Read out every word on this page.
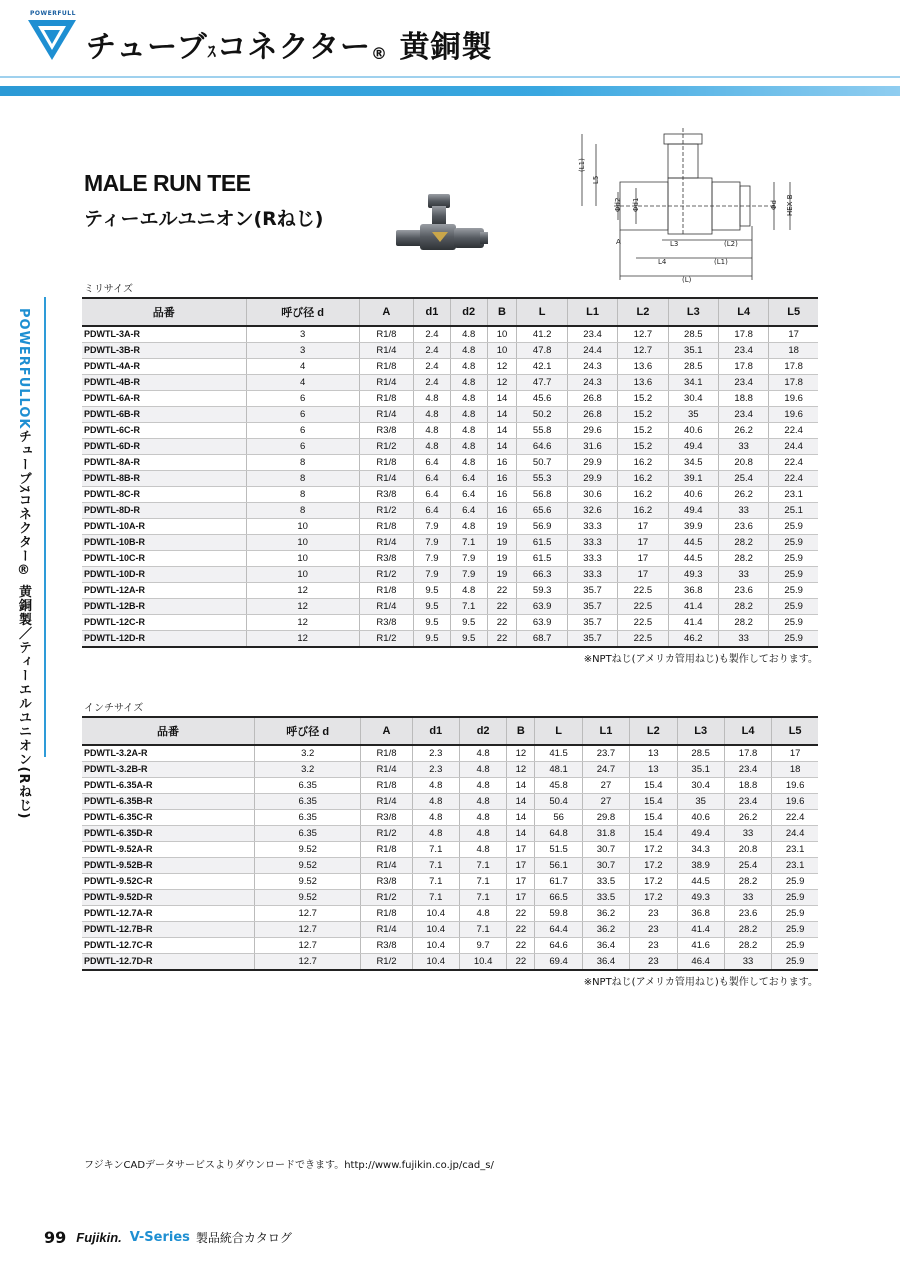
POWERFULL
チューブｽコネクター® 黄銅製
POWERFULLOKチューブｽコネクター® 黄銅製／ティーエルユニオン(Rねじ)
MALE RUN TEE
ティーエルユニオン(Rねじ)
(L1)
L5
Φd2 Φd1	Φd HEX B
A	L3	(L2)
L4	(L1)
(L)
ミリサイズ
品番	呼び径 d	A	d1	d2	B	L	L1	L2	L3	L4	L5
PDWTL-3A-R	3	R1/8	2.4	4.8	10	41.2	23.4	12.7	28.5	17.8	17
PDWTL-3B-R	3	R1/4	2.4	4.8	10	47.8	24.4	12.7	35.1	23.4	18
PDWTL-4A-R	4	R1/8	2.4	4.8	12	42.1	24.3	13.6	28.5	17.8	17.8
PDWTL-4B-R	4	R1/4	2.4	4.8	12	47.7	24.3	13.6	34.1	23.4	17.8
PDWTL-6A-R	6	R1/8	4.8	4.8	14	45.6	26.8	15.2	30.4	18.8	19.6
PDWTL-6B-R	6	R1/4	4.8	4.8	14	50.2	26.8	15.2	35	23.4	19.6
PDWTL-6C-R	6	R3/8	4.8	4.8	14	55.8	29.6	15.2	40.6	26.2	22.4
PDWTL-6D-R	6	R1/2	4.8	4.8	14	64.6	31.6	15.2	49.4	33	24.4
PDWTL-8A-R	8	R1/8	6.4	4.8	16	50.7	29.9	16.2	34.5	20.8	22.4
PDWTL-8B-R	8	R1/4	6.4	6.4	16	55.3	29.9	16.2	39.1	25.4	22.4
PDWTL-8C-R	8	R3/8	6.4	6.4	16	56.8	30.6	16.2	40.6	26.2	23.1
PDWTL-8D-R	8	R1/2	6.4	6.4	16	65.6	32.6	16.2	49.4	33	25.1
PDWTL-10A-R	10	R1/8	7.9	4.8	19	56.9	33.3	17	39.9	23.6	25.9
PDWTL-10B-R	10	R1/4	7.9	7.1	19	61.5	33.3	17	44.5	28.2	25.9
PDWTL-10C-R	10	R3/8	7.9	7.9	19	61.5	33.3	17	44.5	28.2	25.9
PDWTL-10D-R	10	R1/2	7.9	7.9	19	66.3	33.3	17	49.3	33	25.9
PDWTL-12A-R	12	R1/8	9.5	4.8	22	59.3	35.7	22.5	36.8	23.6	25.9
PDWTL-12B-R	12	R1/4	9.5	7.1	22	63.9	35.7	22.5	41.4	28.2	25.9
PDWTL-12C-R	12	R3/8	9.5	9.5	22	63.9	35.7	22.5	41.4	28.2	25.9
PDWTL-12D-R	12	R1/2	9.5	9.5	22	68.7	35.7	22.5	46.2	33	25.9
※NPTねじ(アメリカ管用ねじ)も製作しております。
インチサイズ
品番	呼び径 d	A	d1	d2	B	L	L1	L2	L3	L4	L5
PDWTL-3.2A-R	3.2	R1/8	2.3	4.8	12	41.5	23.7	13	28.5	17.8	17
PDWTL-3.2B-R	3.2	R1/4	2.3	4.8	12	48.1	24.7	13	35.1	23.4	18
PDWTL-6.35A-R	6.35	R1/8	4.8	4.8	14	45.8	27	15.4	30.4	18.8	19.6
PDWTL-6.35B-R	6.35	R1/4	4.8	4.8	14	50.4	27	15.4	35	23.4	19.6
PDWTL-6.35C-R	6.35	R3/8	4.8	4.8	14	56	29.8	15.4	40.6	26.2	22.4
PDWTL-6.35D-R	6.35	R1/2	4.8	4.8	14	64.8	31.8	15.4	49.4	33	24.4
PDWTL-9.52A-R	9.52	R1/8	7.1	4.8	17	51.5	30.7	17.2	34.3	20.8	23.1
PDWTL-9.52B-R	9.52	R1/4	7.1	7.1	17	56.1	30.7	17.2	38.9	25.4	23.1
PDWTL-9.52C-R	9.52	R3/8	7.1	7.1	17	61.7	33.5	17.2	44.5	28.2	25.9
PDWTL-9.52D-R	9.52	R1/2	7.1	7.1	17	66.5	33.5	17.2	49.3	33	25.9
PDWTL-12.7A-R	12.7	R1/8	10.4	4.8	22	59.8	36.2	23	36.8	23.6	25.9
PDWTL-12.7B-R	12.7	R1/4	10.4	7.1	22	64.4	36.2	23	41.4	28.2	25.9
PDWTL-12.7C-R	12.7	R3/8	10.4	9.7	22	64.6	36.4	23	41.6	28.2	25.9
PDWTL-12.7D-R	12.7	R1/2	10.4	10.4	22	69.4	36.4	23	46.4	33	25.9
※NPTねじ(アメリカ管用ねじ)も製作しております。
フジキンCADデータサービスよりダウンロードできます。http://www.fujikin.co.jp/cad_s/
99 Fujikin. V-Series 製品統合カタログ
